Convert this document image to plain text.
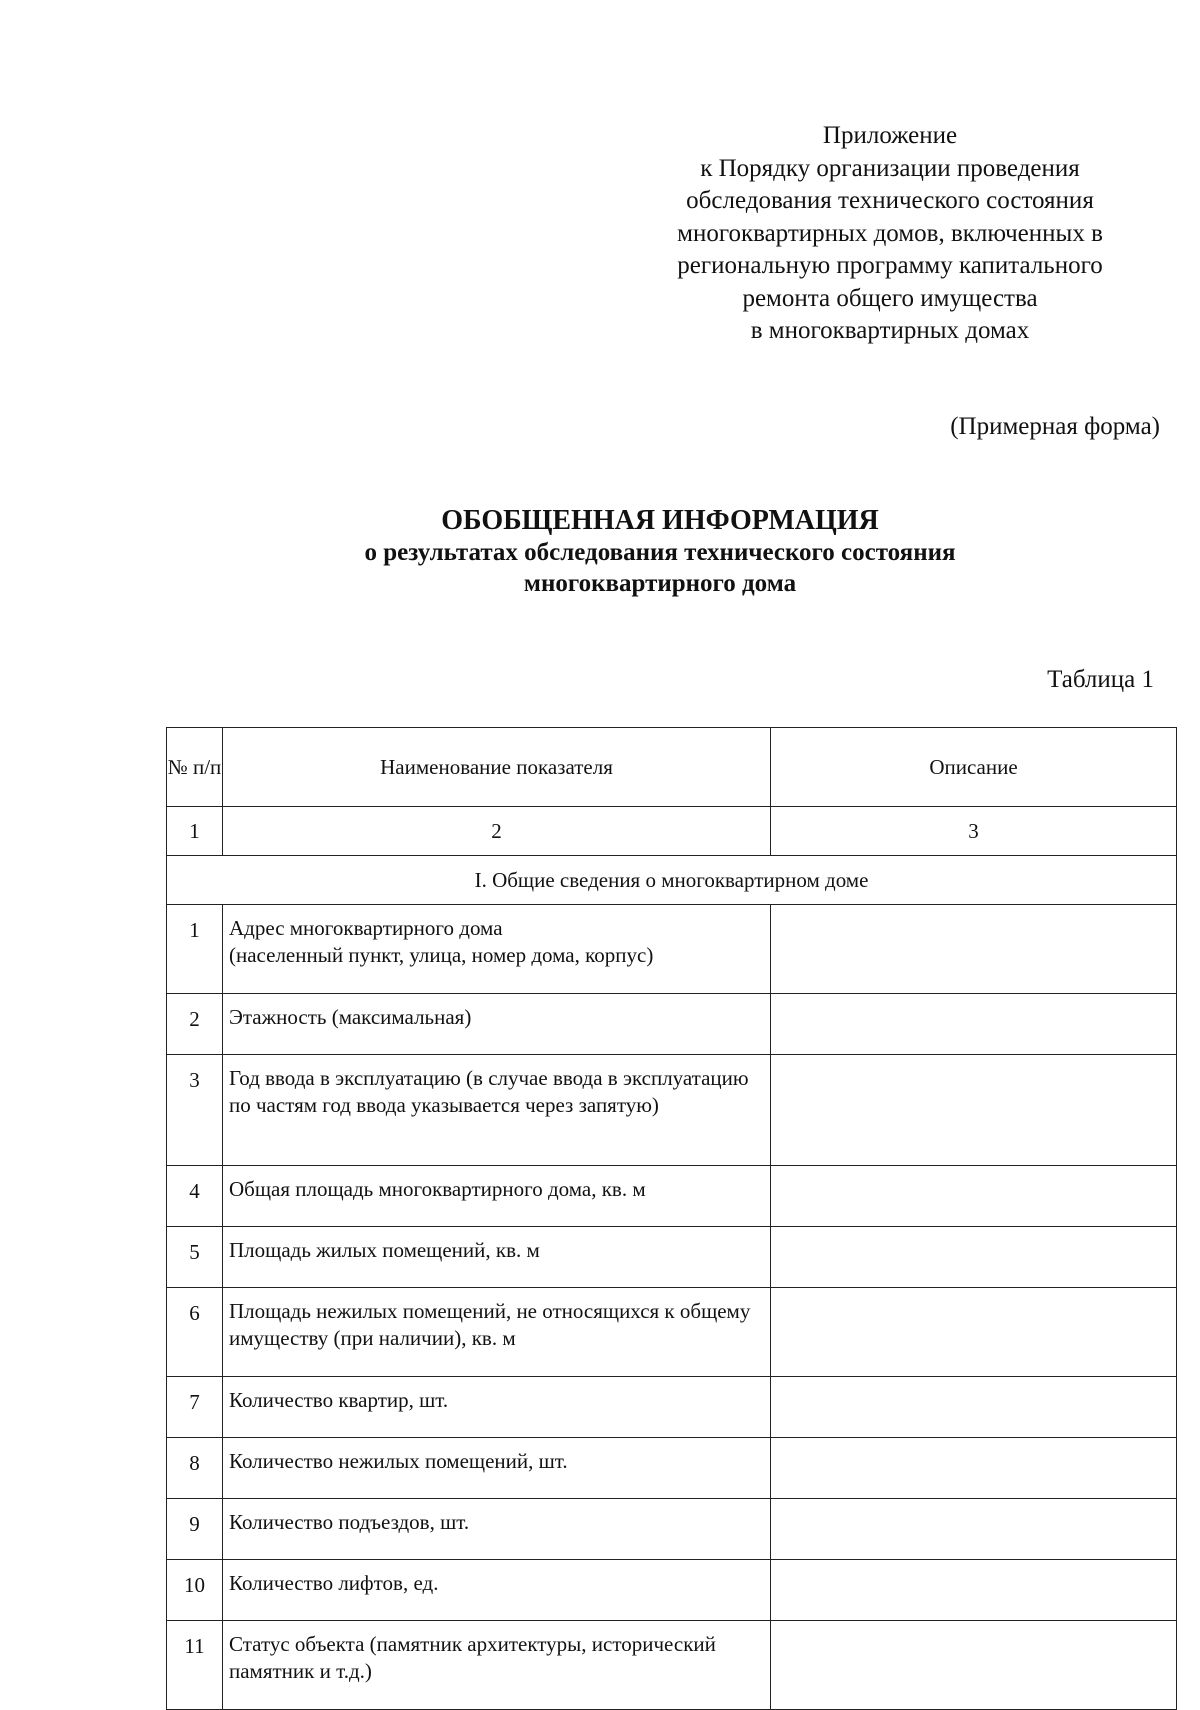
Приложение
к Порядку организации проведения
обследования технического состояния
многоквартирных домов, включенных в
региональную программу капитального
ремонта общего имущества
в многоквартирных домах
(Примерная форма)
ОБОБЩЕННАЯ ИНФОРМАЦИЯ
о результатах обследования технического состояния
многоквартирного дома
Таблица 1
№ п/п	Наименование показателя	Описание
1	2	3
I. Общие сведения о многоквартирном доме		
1	Адрес многоквартирного дома
(населенный пункт, улица, номер дома, корпус)	
2	Этажность (максимальная)	
3	Год ввода в эксплуатацию (в случае ввода в эксплуатацию по частям год ввода указывается через запятую)	
4	Общая площадь многоквартирного дома, кв. м	
5	Площадь жилых помещений, кв. м	
6	Площадь нежилых помещений, не относящихся к общему имуществу (при наличии), кв. м	
7	Количество квартир, шт.	
8	Количество нежилых помещений, шт.	
9	Количество подъездов, шт.	
10	Количество лифтов, ед.	
11	Статус объекта (памятник архитектуры, исторический памятник и т.д.)	
